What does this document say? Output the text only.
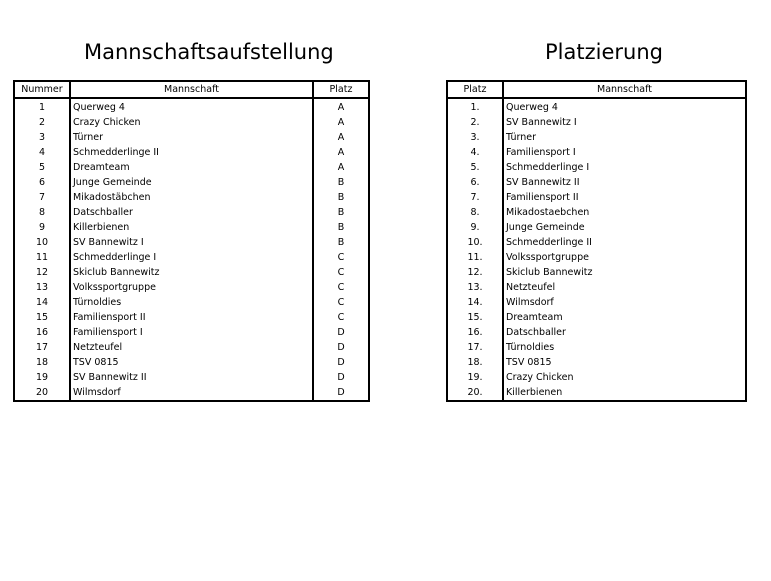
Mannschaftsaufstellung	Platzierung
Nummer	Mannschaft	Platz
1	Querweg 4	A
2	Crazy Chicken	A
3	Türner	A
4	Schmedderlinge II	A
5	Dreamteam	A
6	Junge Gemeinde	B
7	Mikadostäbchen	B
8	Datschballer	B
9	Killerbienen	B
10	SV Bannewitz I	B
11	Schmedderlinge I	C
12	Skiclub Bannewitz	C
13	Volkssportgruppe	C
14	Türnoldies	C
15	Familiensport II	C
16	Familiensport I	D
17	Netzteufel	D
18	TSV 0815	D
19	SV Bannewitz II	D
20	Wilmsdorf	D
Platz	Mannschaft
1.	Querweg 4
2.	SV Bannewitz I
3.	Türner
4.	Familiensport I
5.	Schmedderlinge I
6.	SV Bannewitz II
7.	Familiensport II
8.	Mikadostaebchen
9.	Junge Gemeinde
10.	Schmedderlinge II
11.	Volkssportgruppe
12.	Skiclub Bannewitz
13.	Netzteufel
14.	Wilmsdorf
15.	Dreamteam
16.	Datschballer
17.	Türnoldies
18.	TSV 0815
19.	Crazy Chicken
20.	Killerbienen
